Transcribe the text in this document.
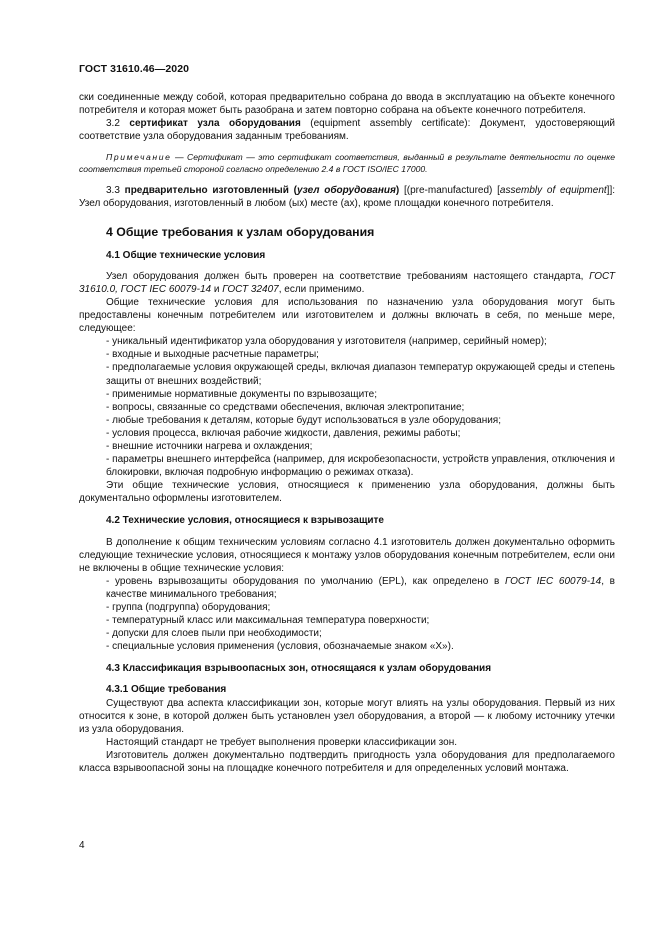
ГОСТ 31610.46—2020

ски соединенные между собой, которая предварительно собрана до ввода в эксплуатацию на объекте конечного потребителя и которая может быть разобрана и затем повторно собрана на объекте конечного потребителя.

3.2 сертификат узла оборудования (equipment assembly certificate): Документ, удостоверяющий соответствие узла оборудования заданным требованиям.

Примечание — Сертификат — это сертификат соответствия, выданный в результате деятельности по оценке соответствия третьей стороной согласно определению 2.4 в ГОСТ ISO/IEC 17000.

3.3 предварительно изготовленный (узел оборудования) [(pre-manufactured) [assembly of equipment]]: Узел оборудования, изготовленный в любом (ых) месте (ах), кроме площадки конечного потребителя.

4 Общие требования к узлам оборудования
4.1 Общие технические условия

Узел оборудования должен быть проверен на соответствие требованиям настоящего стандарта, ГОСТ 31610.0, ГОСТ IEC 60079-14 и ГОСТ 32407, если применимо.

Общие технические условия для использования по назначению узла оборудования могут быть предоставлены конечным потребителем или изготовителем и должны включать в себя, по меньше мере, следующее:

- уникальный идентификатор узла оборудования у изготовителя (например, серийный номер);

- входные и выходные расчетные параметры;

- предполагаемые условия окружающей среды, включая диапазон температур окружающей среды и степень защиты от внешних воздействий;

- применимые нормативные документы по взрывозащите;

- вопросы, связанные со средствами обеспечения, включая электропитание;

- любые требования к деталям, которые будут использоваться в узле оборудования;

- условия процесса, включая рабочие жидкости, давления, режимы работы;

- внешние источники нагрева и охлаждения;

- параметры внешнего интерфейса (например, для искробезопасности, устройств управления, отключения и блокировки, включая подробную информацию о режимах отказа).

Эти общие технические условия, относящиеся к применению узла оборудования, должны быть документально оформлены изготовителем.

4.2 Технические условия, относящиеся к взрывозащите

В дополнение к общим техническим условиям согласно 4.1 изготовитель должен документально оформить следующие технические условия, относящиеся к монтажу узлов оборудования конечным потребителем, если они не включены в общие технические условия:

- уровень взрывозащиты оборудования по умолчанию (EPL), как определено в ГОСТ IEC 60079-14, в качестве минимального требования;

- группа (подгруппа) оборудования;

- температурный класс или максимальная температура поверхности;

- допуски для слоев пыли при необходимости;

- специальные условия применения (условия, обозначаемые знаком «X»).

4.3 Классификация взрывоопасных зон, относящаяся к узлам оборудования
4.3.1 Общие требования

Существуют два аспекта классификации зон, которые могут влиять на узлы оборудования. Первый из них относится к зоне, в которой должен быть установлен узел оборудования, а второй — к любому источнику утечки из узла оборудования.

Настоящий стандарт не требует выполнения проверки классификации зон.

Изготовитель должен документально подтвердить пригодность узла оборудования для предполагаемого класса взрывоопасной зоны на площадке конечного потребителя и для определенных условий монтажа.

4
